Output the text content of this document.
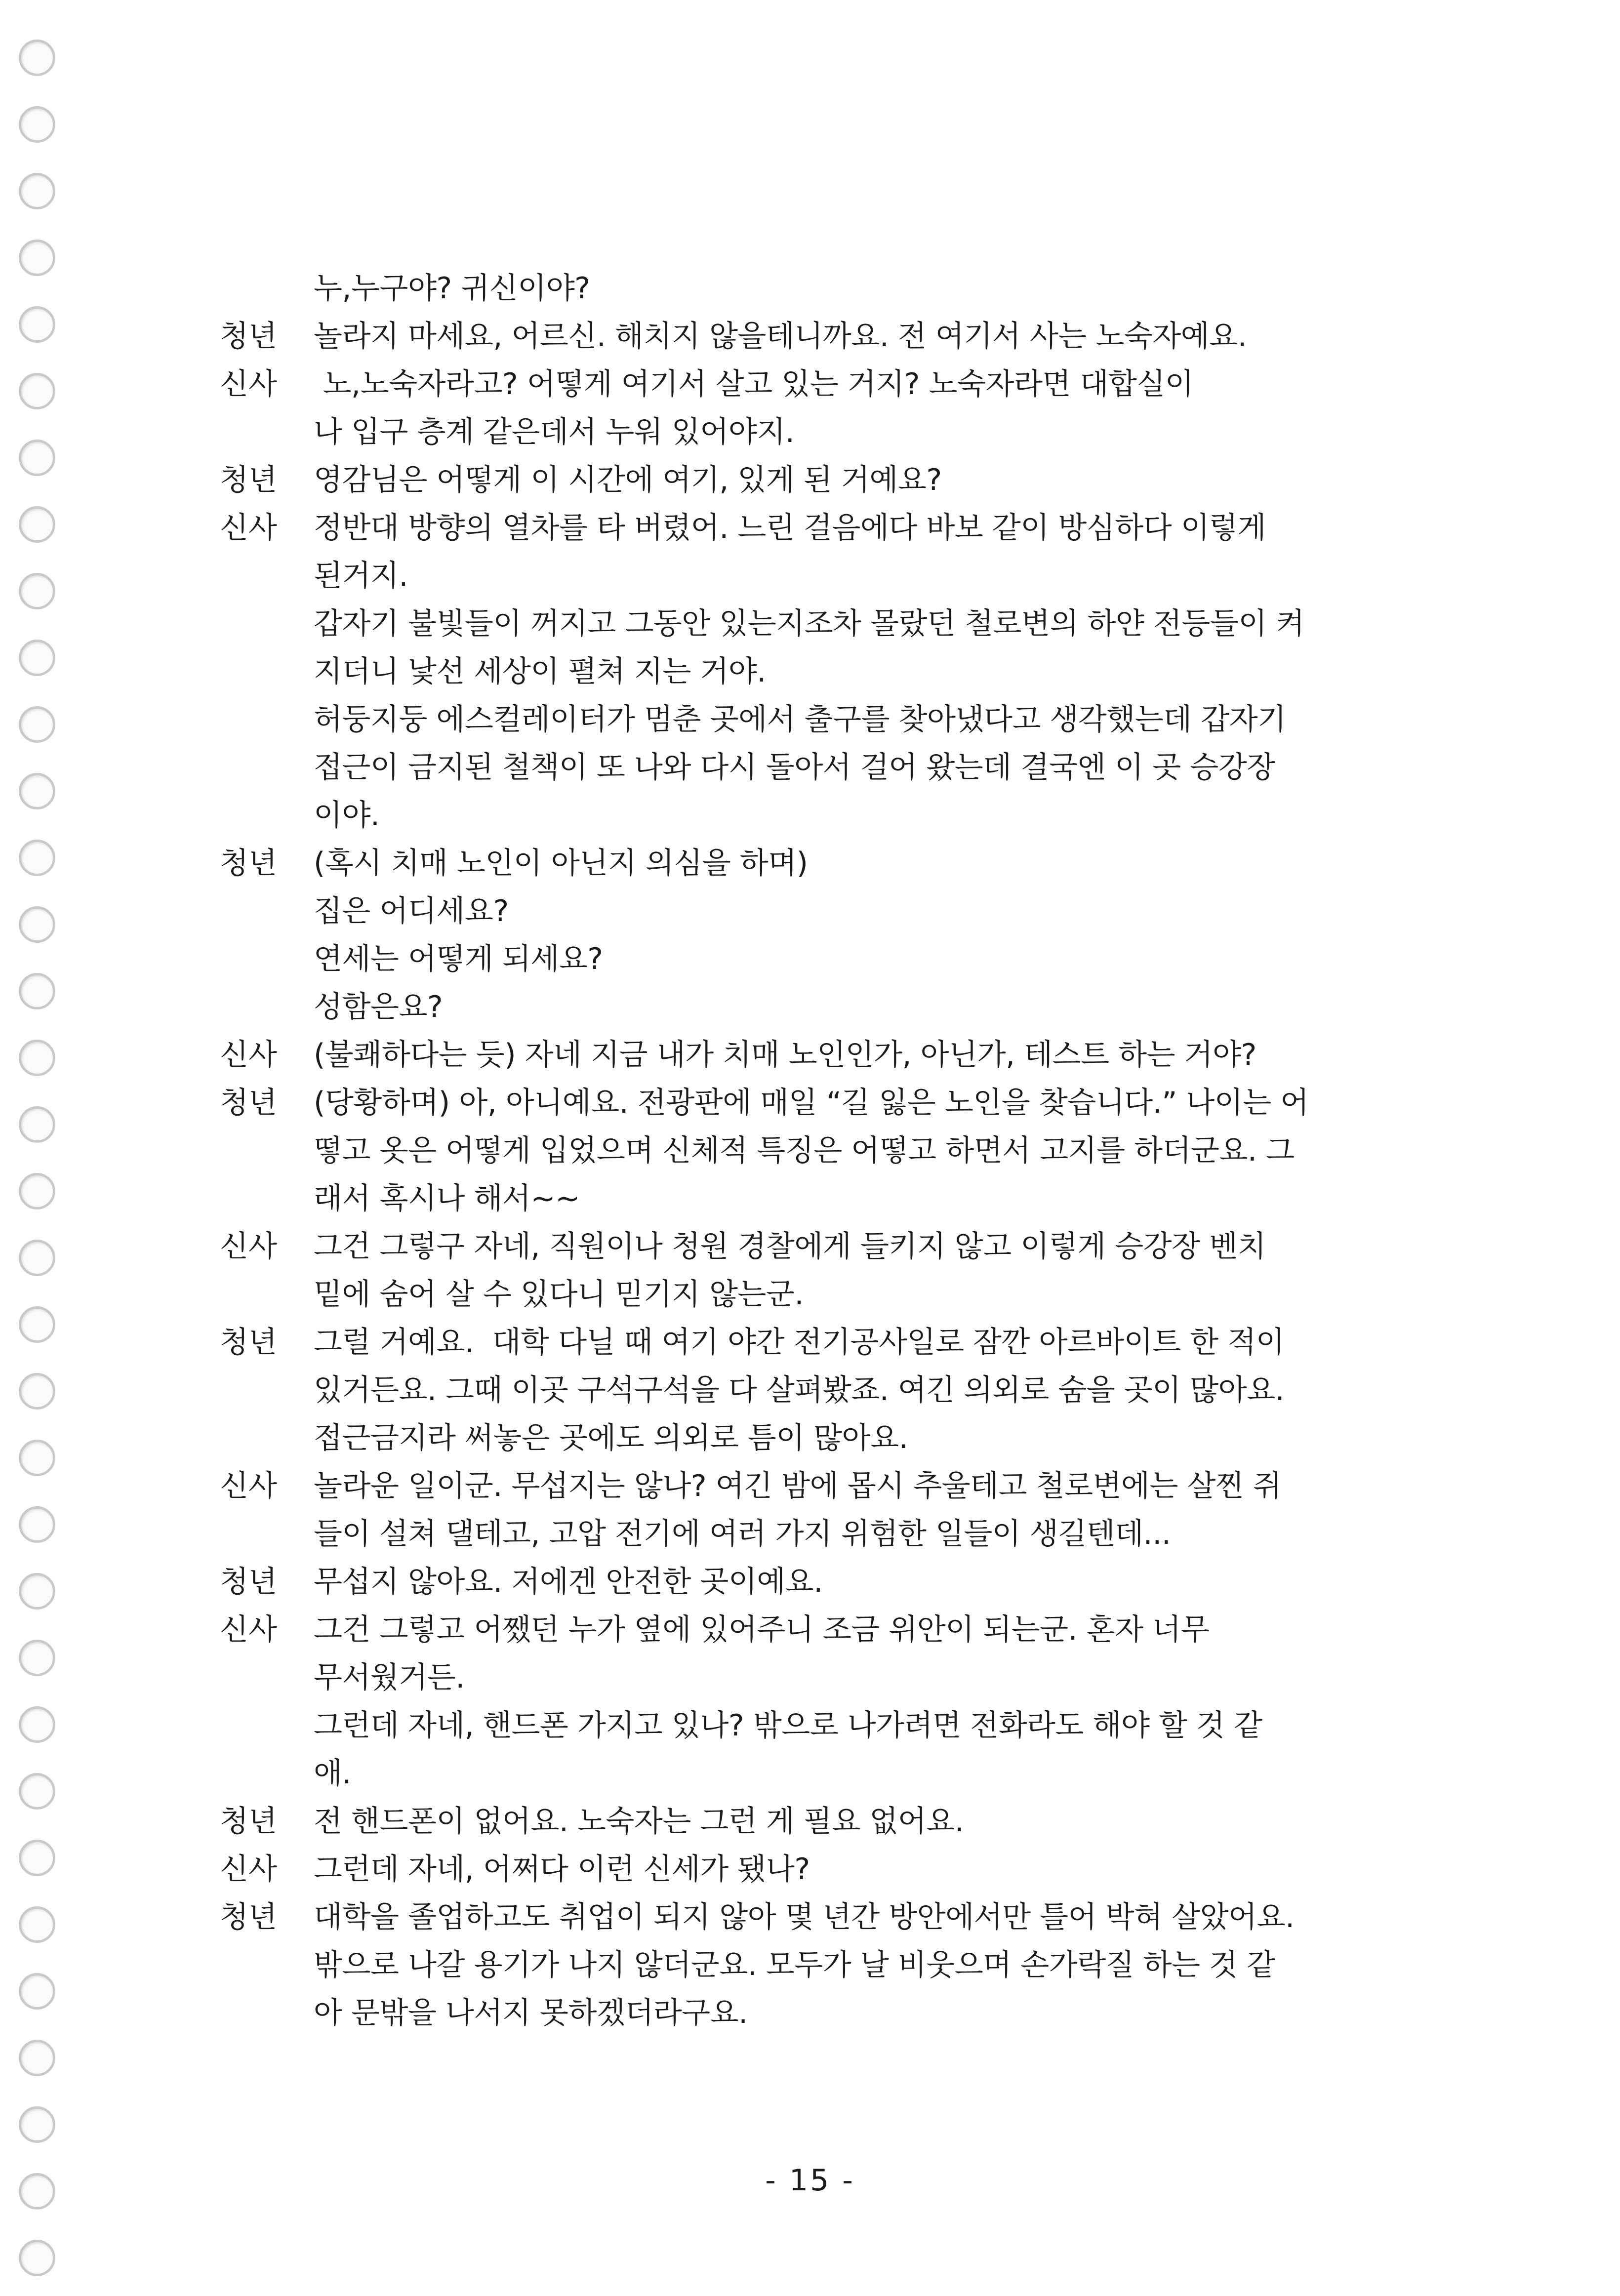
누,누구야? 귀신이야?
청년	놀라지 마세요, 어르신. 해치지 않을테니까요. 전 여기서 사는 노숙자예요.
신사	노,노숙자라고? 어떻게 여기서 살고 있는 거지? 노숙자라면 대합실이
나 입구 층계 같은데서 누워 있어야지.
청년	영감님은 어떻게 이 시간에 여기, 있게 된 거예요?
신사	정반대 방향의 열차를 타 버렸어. 느린 걸음에다 바보 같이 방심하다 이렇게
된거지.
갑자기 불빛들이 꺼지고 그동안 있는지조차 몰랐던 철로변의 하얀 전등들이 켜
지더니 낯선 세상이 펼쳐 지는 거야.
허둥지둥 에스컬레이터가 멈춘 곳에서 출구를 찾아냈다고 생각했는데 갑자기
접근이 금지된 철책이 또 나와 다시 돌아서 걸어 왔는데 결국엔 이 곳 승강장
이야.
청년	(혹시 치매 노인이 아닌지 의심을 하며)
집은 어디세요?
연세는 어떻게 되세요?
성함은요?
신사	(불쾌하다는 듯) 자네 지금 내가 치매 노인인가, 아닌가, 테스트 하는 거야?
청년	(당황하며) 아, 아니예요. 전광판에 매일 “길 잃은 노인을 찾습니다.” 나이는 어
떻고 옷은 어떻게 입었으며 신체적 특징은 어떻고 하면서 고지를 하더군요. 그
래서 혹시나 해서~~
신사	그건 그렇구 자네, 직원이나 청원 경찰에게 들키지 않고 이렇게 승강장 벤치
밑에 숨어 살 수 있다니 믿기지 않는군.
청년	그럴 거예요.  대학 다닐 때 여기 야간 전기공사일로 잠깐 아르바이트 한 적이
있거든요. 그때 이곳 구석구석을 다 살펴봤죠. 여긴 의외로 숨을 곳이 많아요.
접근금지라 써놓은 곳에도 의외로 틈이 많아요.
신사	놀라운 일이군. 무섭지는 않나? 여긴 밤에 몹시 추울테고 철로변에는 살찐 쥐
들이 설쳐 댈테고, 고압 전기에 여러 가지 위험한 일들이 생길텐데...
청년	무섭지 않아요. 저에겐 안전한 곳이예요.
신사	그건 그렇고 어쨌던 누가 옆에 있어주니 조금 위안이 되는군. 혼자 너무
무서웠거든.
그런데 자네, 핸드폰 가지고 있나? 밖으로 나가려면 전화라도 해야 할 것 같
애.
청년	전 핸드폰이 없어요. 노숙자는 그런 게 필요 없어요.
신사	그런데 자네, 어쩌다 이런 신세가 됐나?
청년	대학을 졸업하고도 취업이 되지 않아 몇 년간 방안에서만 틀어 박혀 살았어요.
밖으로 나갈 용기가 나지 않더군요. 모두가 날 비웃으며 손가락질 하는 것 같
아 문밖을 나서지 못하겠더라구요.
- 15 -
